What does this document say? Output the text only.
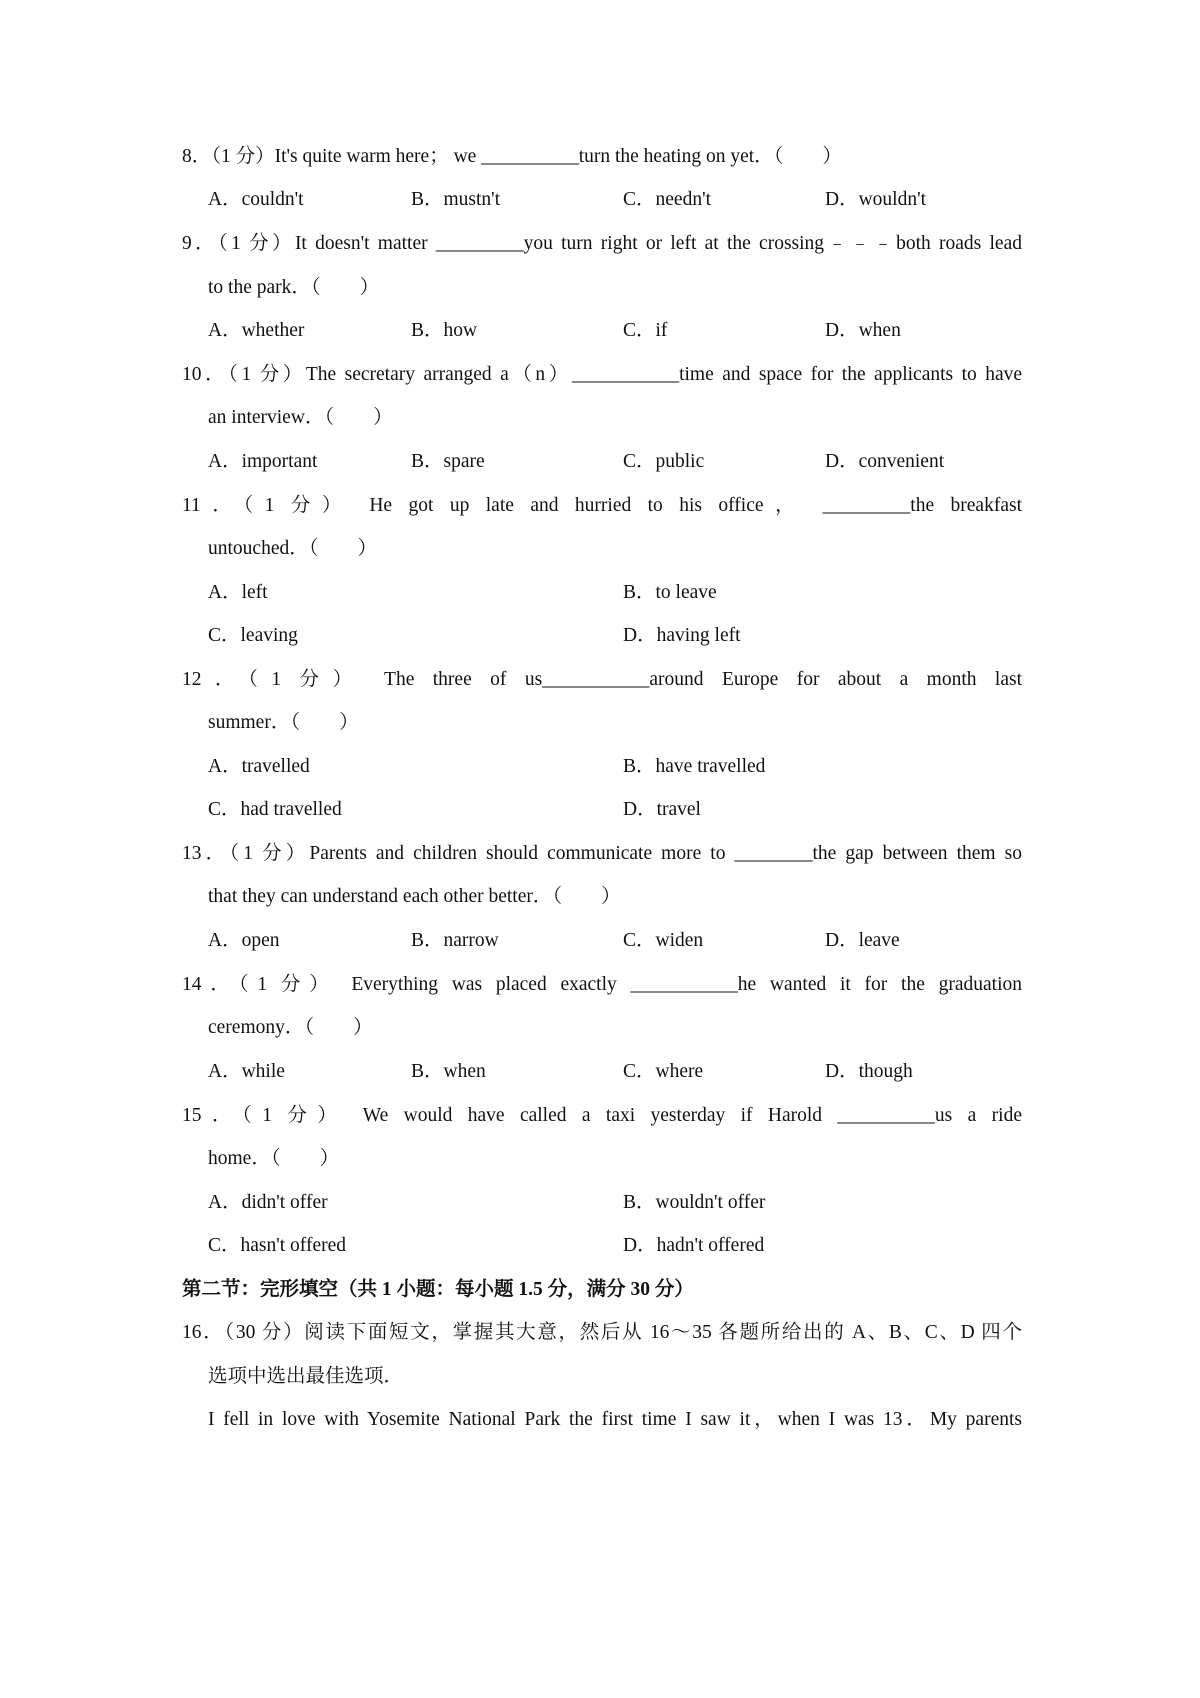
8．（1 分）It's quite warm here； we __________turn the heating on yet．（　　）
A．couldn't	B．mustn't	C．needn't	D．wouldn't
9．（1 分）It doesn't matter _________you turn right or left at the crossing﹣﹣﹣both roads lead
to the park．（　　）
A．whether	B．how	C．if	D．when
10．（1 分）The secretary arranged a（n）___________time and space for the applicants to have
an interview．（　　）
A．important	B．spare	C．public	D．convenient
11．（1 分） He got up late and hurried to his office， _________the breakfast
untouched．（　　）
A．left	B．to leave
C．leaving	D．having left
12．（1 分） The three of us___________around Europe for about a month last
summer．（　　）
A．travelled	B．have travelled
C．had travelled	D．travel
13．（1 分）Parents and children should communicate more to ________the gap between them so
that they can understand each other better．（　　）
A．open	B．narrow	C．widen	D．leave
14．（1 分） Everything was placed exactly ___________he wanted it for the graduation
ceremony．（　　）
A．while	B．when	C．where	D．though
15．（1 分） We would have called a taxi yesterday if Harold __________us a ride
home．（　　）
A．didn't offer	B．wouldn't offer
C．hasn't offered	D．hadn't offered
第二节：完形填空（共 1 小题：每小题 1.5 分，满分 30 分）
16．（30 分）阅读下面短文，掌握其大意，然后从 16～35 各题所给出的 A、B、C、D 四个
选项中选出最佳选项．
I fell in love with Yosemite National Park the first time I saw it，when I was 13．My parents
